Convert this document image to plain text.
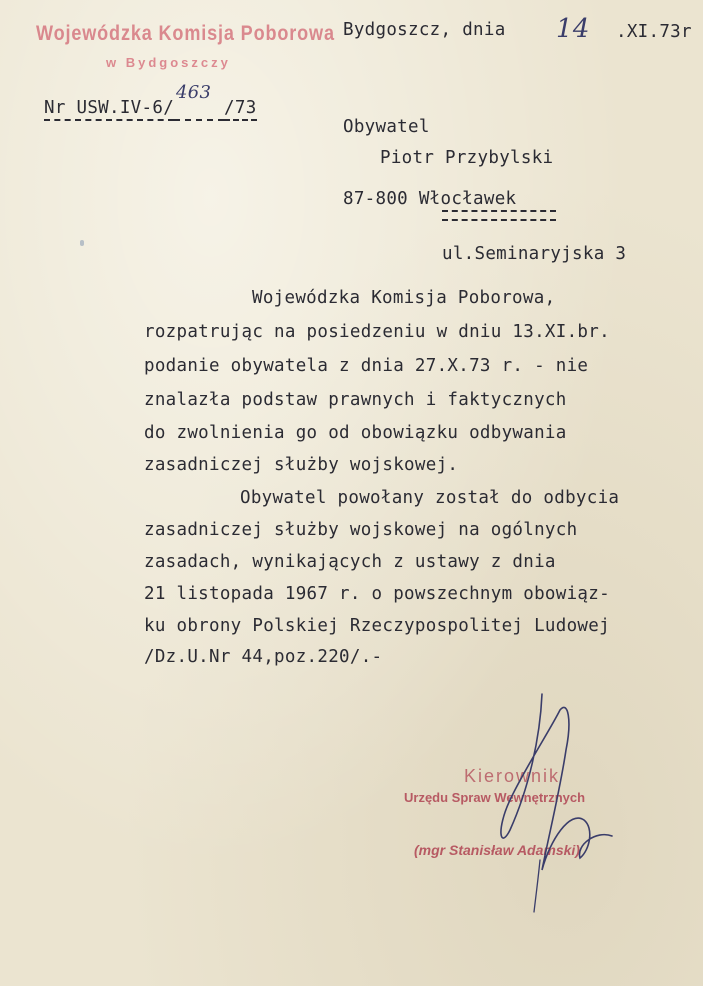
Wojewódzka Komisja Poborowa
w Bydgoszczy
Bydgoszcz, dnia 14 .XI.73r
Nr USW.IV-6/
463
/73
Obywatel
Piotr Przybylski
87-800 Włocławek
ul.Seminaryjska 3
Wojewódzka Komisja Poborowa,
rozpatrując na posiedzeniu w dniu 13.XI.br.
podanie obywatela z dnia 27.X.73 r. - nie
znalazła podstaw prawnych i faktycznych
do zwolnienia go od obowiązku odbywania
zasadniczej służby wojskowej.
Obywatel powołany został do odbycia
zasadniczej służby wojskowej na ogólnych
zasadach, wynikających z ustawy z dnia
21 listopada 1967 r. o powszechnym obowiąz-
ku obrony Polskiej Rzeczypospolitej Ludowej
/Dz.U.Nr 44,poz.220/.-
Kierownik
Urzędu Spraw Wewnętrznych
(mgr Stanisław Adamski)
